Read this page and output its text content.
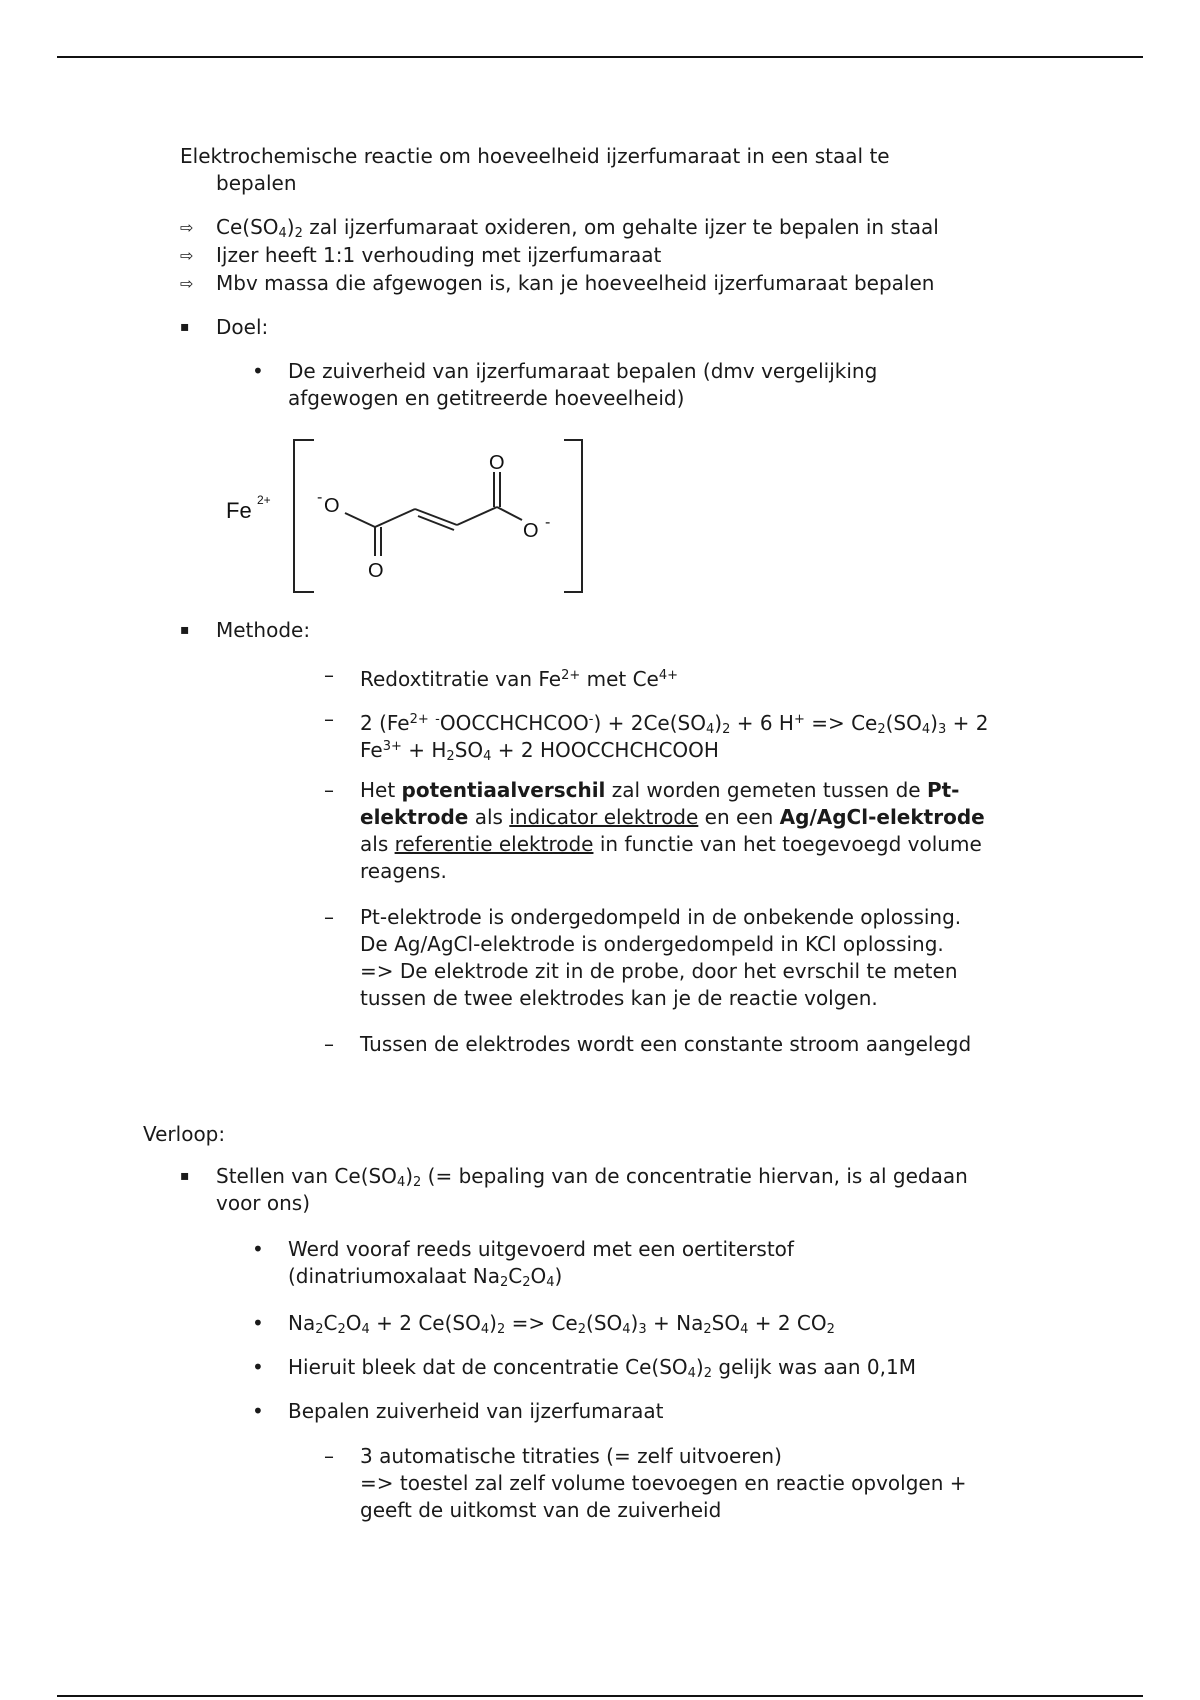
Elektrochemische reactie om hoeveelheid ijzerfumaraat in een staal te
bepalen
⇨ $Ce(SO_4)_2$ zal ijzerfumaraat oxideren, om gehalte ijzer te bepalen in staal
⇨ Ijzer heeft 1:1 verhouding met ijzerfumaraat
⇨ Mbv massa die afgewogen is, kan je hoeveelheid ijzerfumaraat bepalen
▪ Doel:
• De zuiverheid van ijzerfumaraat bepalen (dmv vergelijking
afgewogen en getitreerde hoeveelheid)
Fe 2+	- O
O
O
O -
▪ Methode:
– Redoxtitratie van $Fe^{2+}$ met $Ce^{4+}$
– 2 ($Fe^{2+}$ -OOCCHCHCOO-) + $2Ce(SO_4)_2 + 6$ $H^+ => Ce_2(SO_4)_3 + 2$
$Fe^{3+} + H_2SO_4 + 2$ HOOCCHCHCOOH
– Het potentiaalverschil zal worden gemeten tussen de Pt-
elektrode als indicator elektrode en een Ag/AgCl-elektrode
als referentie elektrode in functie van het toegevoegd volume
reagens.
– Pt-elektrode is ondergedompeld in de onbekende oplossing.
De Ag/AgCl-elektrode is ondergedompeld in KCl oplossing.
=> De elektrode zit in de probe, door het evrschil te meten
tussen de twee elektrodes kan je de reactie volgen.
– Tussen de elektrodes wordt een constante stroom aangelegd
Verloop:
▪ Stellen van $Ce(SO_4)_2$ (= bepaling van de concentratie hiervan, is al gedaan
voor ons)
• Werd vooraf reeds uitgevoerd met een oertiterstof
(dinatriumoxalaat $Na_2C_2O_4$)
• $Na_2C_2O_4 + 2$ $Ce(SO_4)_2 => Ce_2(SO_4)_3 + Na_2SO_4 + 2$ $CO_2$
• Hieruit bleek dat de concentratie $Ce(SO_4)_2$ gelijk was aan 0,1M
• Bepalen zuiverheid van ijzerfumaraat
– 3 automatische titraties (= zelf uitvoeren)
=> toestel zal zelf volume toevoegen en reactie opvolgen +
geeft de uitkomst van de zuiverheid
